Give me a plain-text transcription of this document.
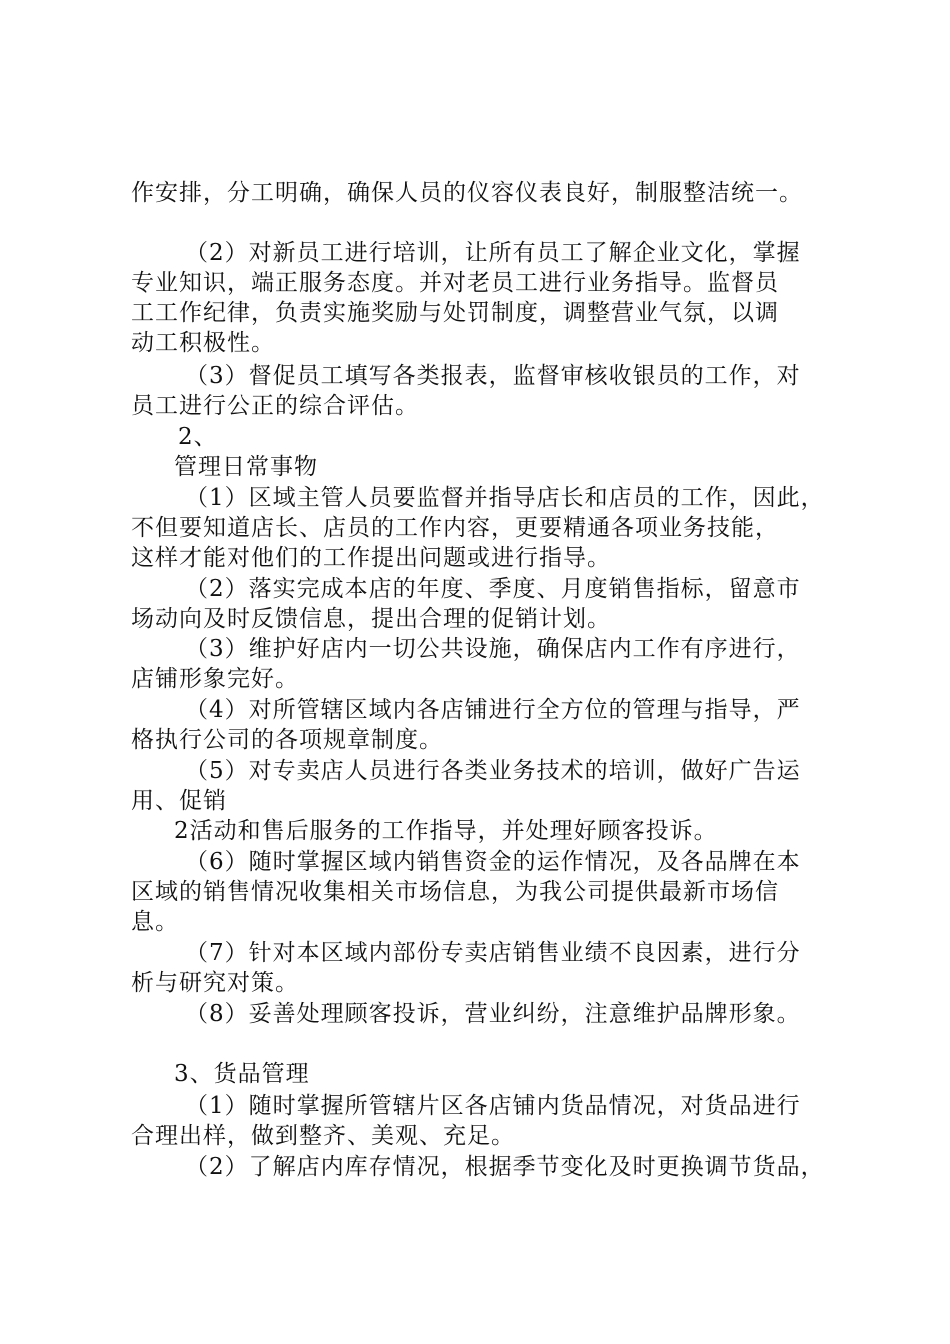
作安排，分工明确，确保人员的仪容仪表良好，制服整洁统一。
（2）对新员工进行培训，让所有员工了解企业文化，掌握
专业知识，端正服务态度。并对老员工进行业务指导。监督员
工工作纪律，负责实施奖励与处罚制度，调整营业气氛，以调
动工积极性。
（3）督促员工填写各类报表，监督审核收银员的工作，对
员工进行公正的综合评估。
2、
管理日常事物
（1）区域主管人员要监督并指导店长和店员的工作，因此，
不但要知道店长、店员的工作内容，更要精通各项业务技能，
这样才能对他们的工作提出问题或进行指导。
（2）落实完成本店的年度、季度、月度销售指标，留意市
场动向及时反馈信息，提出合理的促销计划。
（3）维护好店内一切公共设施，确保店内工作有序进行，
店铺形象完好。
（4）对所管辖区域内各店铺进行全方位的管理与指导，严
格执行公司的各项规章制度。
（5）对专卖店人员进行各类业务技术的培训，做好广告运
用、促销
2活动和售后服务的工作指导，并处理好顾客投诉。
（6）随时掌握区域内销售资金的运作情况，及各品牌在本
区域的销售情况收集相关市场信息，为我公司提供最新市场信
息。
（7）针对本区域内部份专卖店销售业绩不良因素，进行分
析与研究对策。
（8）妥善处理顾客投诉，营业纠纷，注意维护品牌形象。
3、货品管理
（1）随时掌握所管辖片区各店铺内货品情况，对货品进行
合理出样，做到整齐、美观、充足。
（2）了解店内库存情况，根据季节变化及时更换调节货品，
